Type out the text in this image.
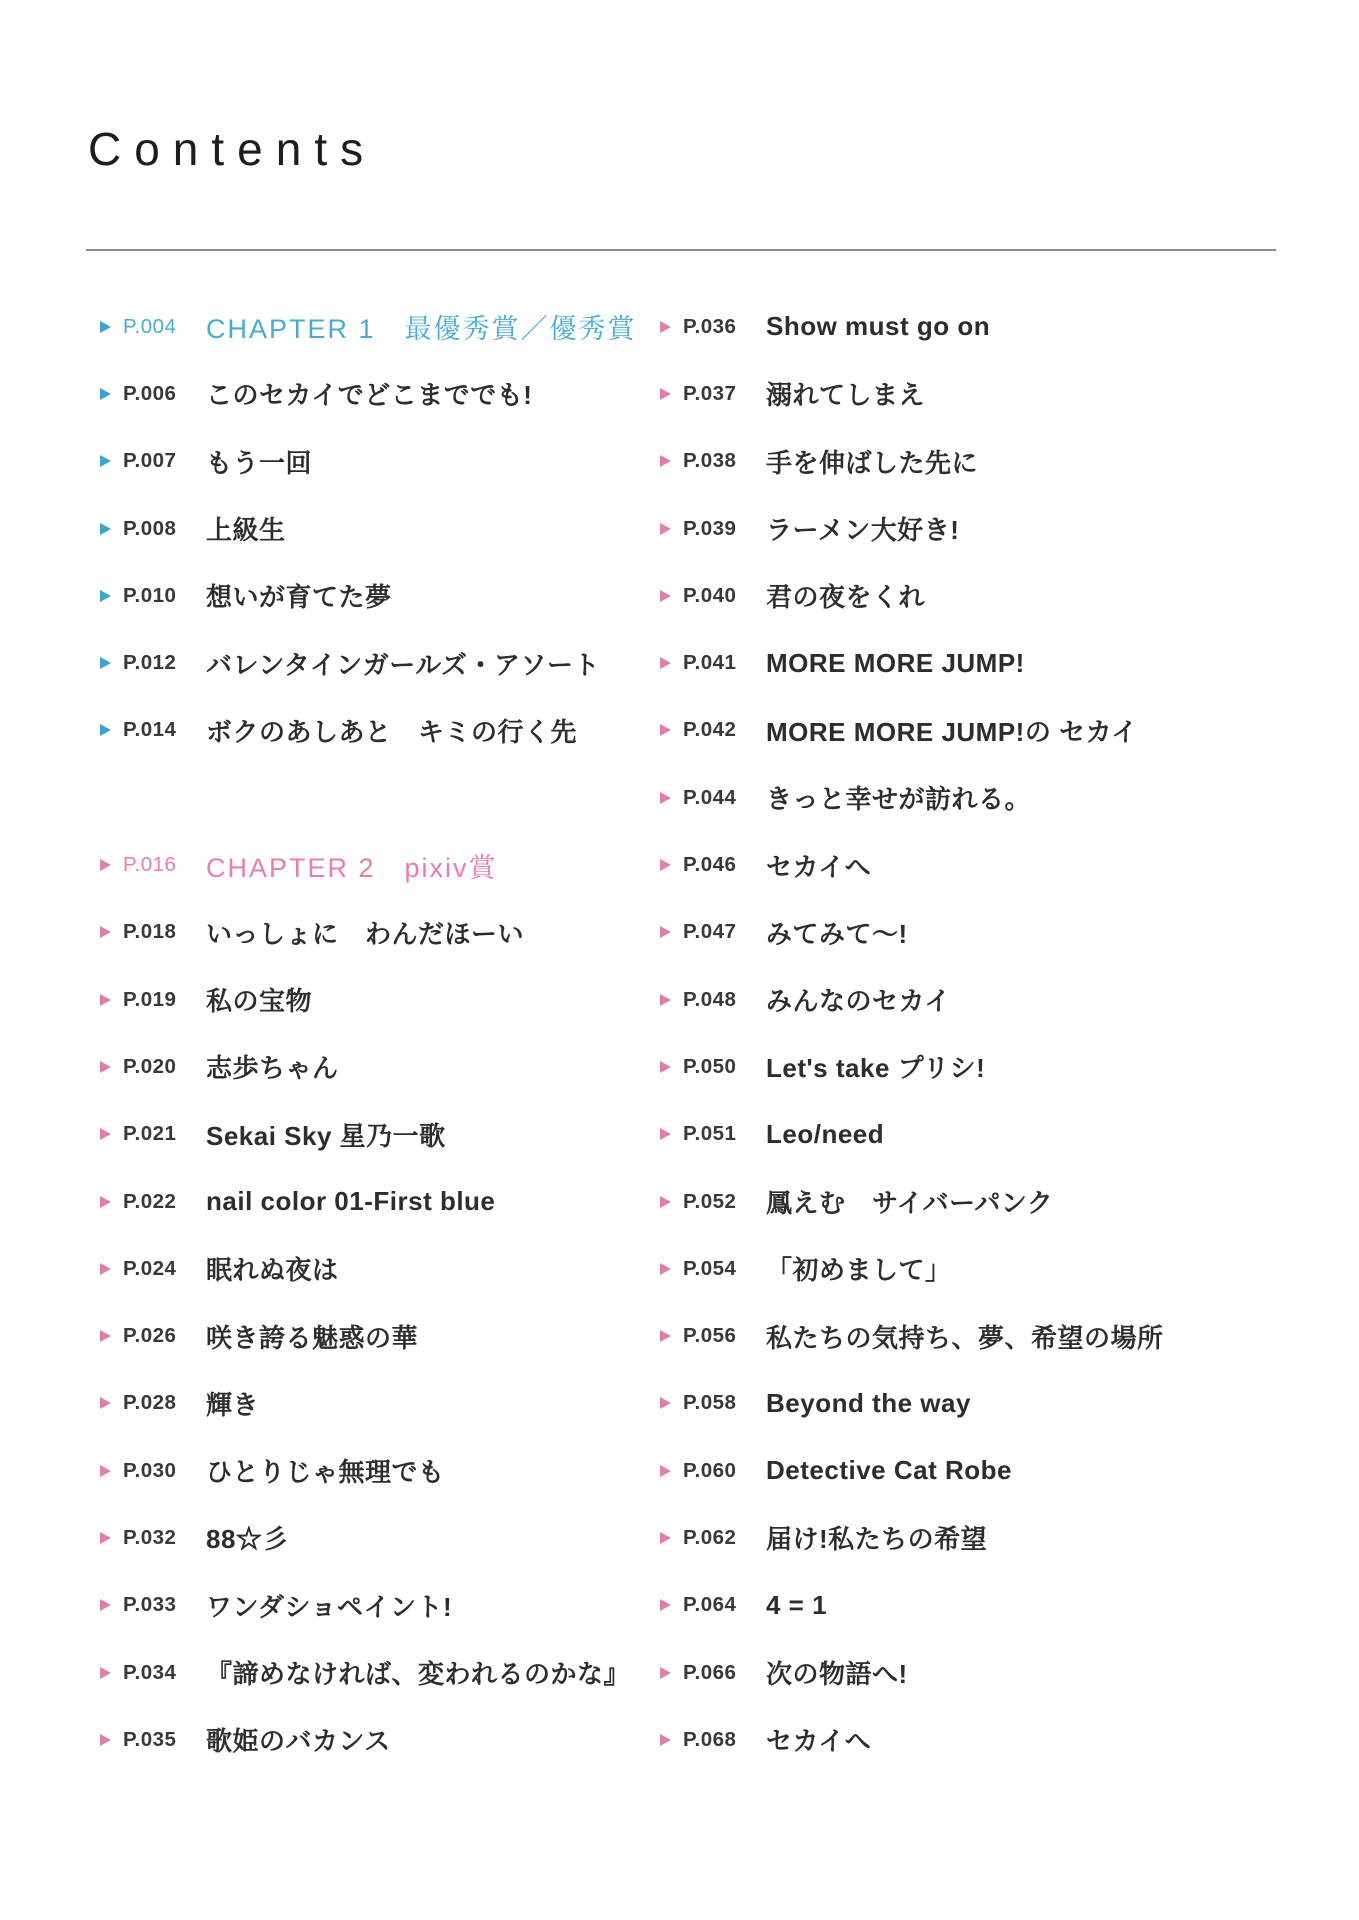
Contents
P.004	CHAPTER 1　最優秀賞／優秀賞
P.006	このセカイでどこまででも!
P.007	もう一回
P.008	上級生
P.010	想いが育てた夢
P.012	バレンタインガールズ・アソート
P.014	ボクのあしあと　キミの行く先
P.016	CHAPTER 2　pixiv賞
P.018	いっしょに　わんだほーい
P.019	私の宝物
P.020	志歩ちゃん
P.021	Sekai Sky 星乃一歌
P.022	nail color 01-First blue
P.024	眠れぬ夜は
P.026	咲き誇る魅惑の華
P.028	輝き
P.030	ひとりじゃ無理でも
P.032	88☆彡
P.033	ワンダショペイント!
P.034	『諦めなければ、変われるのかな』
P.035	歌姫のバカンス
P.036	Show must go on
P.037	溺れてしまえ
P.038	手を伸ばした先に
P.039	ラーメン大好き!
P.040	君の夜をくれ
P.041	MORE MORE JUMP!
P.042	MORE MORE JUMP!の セカイ
P.044	きっと幸せが訪れる。
P.046	セカイへ
P.047	みてみて～!
P.048	みんなのセカイ
P.050	Let's take プリシ!
P.051	Leo/need
P.052	鳳えむ　サイバーパンク
P.054	「初めまして」
P.056	私たちの気持ち、夢、希望の場所
P.058	Beyond the way
P.060	Detective Cat Robe
P.062	届け!私たちの希望
P.064	4 = 1
P.066	次の物語へ!
P.068	セカイへ
